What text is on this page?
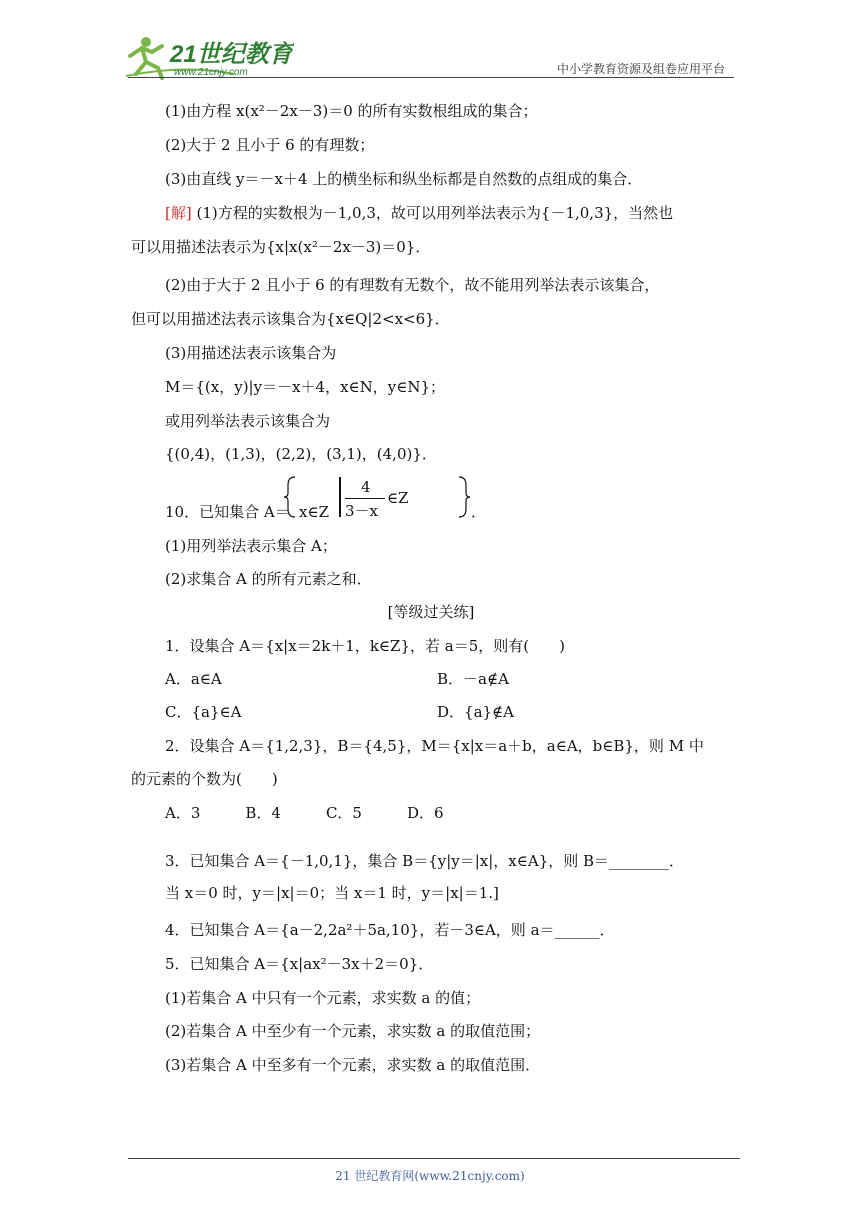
21世纪教育
www.21cnjy.com	中小学教育资源及组卷应用平台
(1)由方程 x(x²－2x－3)＝0 的所有实数根组成的集合；
(2)大于 2 且小于 6 的有理数；
(3)由直线 y＝－x＋4 上的横坐标和纵坐标都是自然数的点组成的集合．
[解] (1)方程的实数根为－1,0,3，故可以用列举法表示为{－1,0,3}，当然也
可以用描述法表示为{x|x(x²－2x－3)＝0}．
(2)由于大于 2 且小于 6 的有理数有无数个，故不能用列举法表示该集合，
但可以用描述法表示该集合为{x∈Q|2<x<6}．
(3)用描述法表示该集合为
M＝{(x，y)|y＝－x＋4，x∈N，y∈N}；
或用列举法表示该集合为
{(0,4)，(1,3)，(2,2)，(3,1)，(4,0)}．
10．已知集合 A＝ x∈Z
4
3－x
∈Z
．
(1)用列举法表示集合 A；
(2)求集合 A 的所有元素之和．
[等级过关练]
1．设集合 A＝{x|x＝2k＋1，k∈Z}，若 a＝5，则有(　　)
A．a∈A	B．－a∉A
C．{a}∈A	D．{a}∉A
2．设集合 A＝{1,2,3}，B＝{4,5}，M＝{x|x＝a＋b，a∈A，b∈B}，则 M 中
的元素的个数为(　　)
A．3　　　B．4　　　C．5　　　D．6
3．已知集合 A＝{－1,0,1}，集合 B＝{y|y＝|x|，x∈A}，则 B＝________．
当 x＝0 时，y＝|x|＝0；当 x＝1 时，y＝|x|＝1.]
4．已知集合 A＝{a－2,2a²＋5a,10}，若－3∈A，则 a＝______．
5．已知集合 A＝{x|ax²－3x＋2＝0}．
(1)若集合 A 中只有一个元素，求实数 a 的值；
(2)若集合 A 中至少有一个元素，求实数 a 的取值范围；
(3)若集合 A 中至多有一个元素，求实数 a 的取值范围．
21 世纪教育网(www.21cnjy.com)
